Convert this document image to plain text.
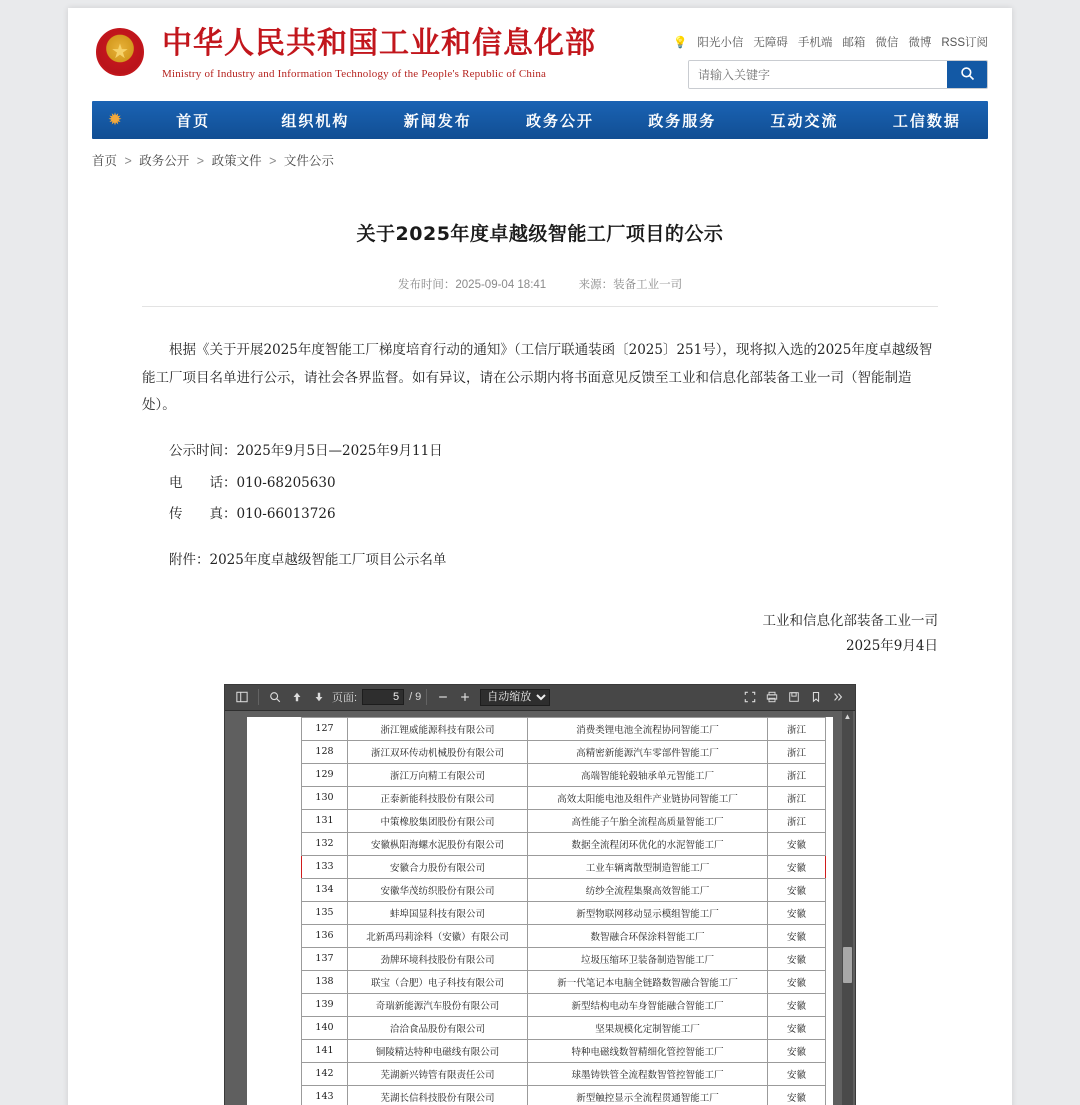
★ 中华人民共和国工业和信息化部
Ministry of Industry and Information Technology of the People's Republic of China
💡 阳光小信 无障碍 手机端 邮箱 微信 微博 RSS订阅
请输入关键字
✹	首页	组织机构	新闻发布	政务公开	政务服务	互动交流	工信数据
首页 > 政务公开 > 政策文件 > 文件公示
关于2025年度卓越级智能工厂项目的公示
发布时间：2025-09-04 18:41	来源：装备工业一司

根据《关于开展2025年度智能工厂梯度培育行动的通知》（工信厅联通装函〔2025〕251号），现将拟入选的2025年度卓越级智能工厂项目名单进行公示，请社会各界监督。如有异议，请在公示期内将书面意见反馈至工业和信息化部装备工业一司（智能制造处）。

公示时间：2025年9月5日—2025年9月11日

电　　话：010-68205630

传　　真：010-66013726

附件：2025年度卓越级智能工厂项目公示名单

工业和信息化部装备工业一司
2025年9月4日
页面:
5	/ 9
自动缩放
127	浙江锂威能源科技有限公司	消费类锂电池全流程协同智能工厂	浙江
128	浙江双环传动机械股份有限公司	高精密新能源汽车零部件智能工厂	浙江
129	浙江万向精工有限公司	高端智能轮毂轴承单元智能工厂	浙江
130	正泰新能科技股份有限公司	高效太阳能电池及组件产业链协同智能工厂	浙江
131	中策橡胶集团股份有限公司	高性能子午胎全流程高质量智能工厂	浙江
132	安徽枞阳海螺水泥股份有限公司	数据全流程闭环优化的水泥智能工厂	安徽
133	安徽合力股份有限公司	工业车辆离散型制造智能工厂	安徽
134	安徽华茂纺织股份有限公司	纺纱全流程集聚高效智能工厂	安徽
135	蚌埠国显科技有限公司	新型物联网移动显示模组智能工厂	安徽
136	北新禹玛莉涂料（安徽）有限公司	数智融合环保涂料智能工厂	安徽
137	劲牌环境科技股份有限公司	垃圾压缩环卫装备制造智能工厂	安徽
138	联宝（合肥）电子科技有限公司	新一代笔记本电脑全链路数智融合智能工厂	安徽
139	奇瑞新能源汽车股份有限公司	新型结构电动车身智能融合智能工厂	安徽
140	洽洽食品股份有限公司	坚果规模化定制智能工厂	安徽
141	铜陵精达特种电磁线有限公司	特种电磁线数智精细化管控智能工厂	安徽
142	芜湖新兴铸管有限责任公司	球墨铸铁管全流程数智管控智能工厂	安徽
143	芜湖长信科技股份有限公司	新型触控显示全流程贯通智能工厂	安徽

▲
